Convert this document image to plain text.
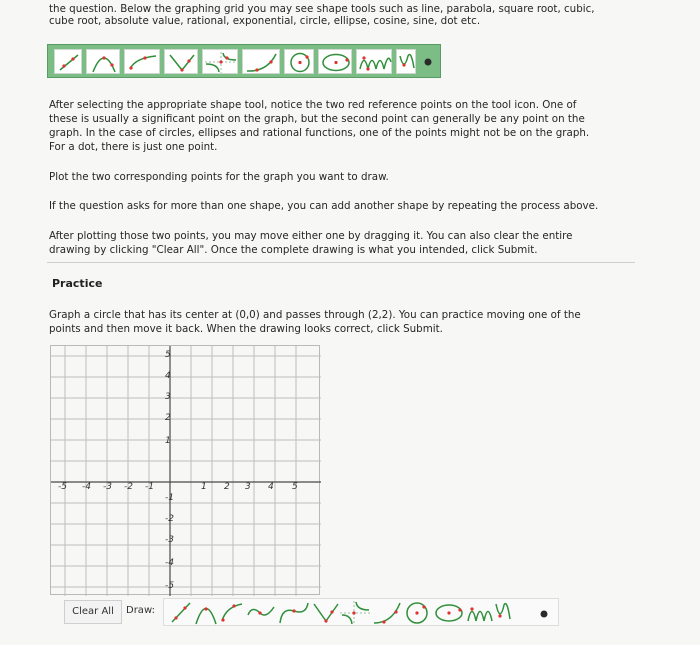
the question. Below the graphing grid you may see shape tools such as line, parabola, square root, cubic,

cube root, absolute value, rational, exponential, circle, ellipse, cosine, sine, dot etc.

After selecting the appropriate shape tool, notice the two red reference points on the tool icon. One of

these is usually a significant point on the graph, but the second point can generally be any point on the

graph. In the case of circles, ellipses and rational functions, one of the points might not be on the graph.

For a dot, there is just one point.

Plot the two corresponding points for the graph you want to draw.

If the question asks for more than one shape, you can add another shape by repeating the process above.

After plotting those two points, you may move either one by dragging it. You can also clear the entire

drawing by clicking "Clear All". Once the complete drawing is what you intended, click Submit.

Practice

Graph a circle that has its center at (0,0) and passes through (2,2). You can practice moving one of the

points and then move it back. When the drawing looks correct, click Submit.

-5 -4 -3 -2 -1	1 2 3 4 5
5
4
3
2
1
-1
-2
-3
-4
-5
Clear All	Draw:
